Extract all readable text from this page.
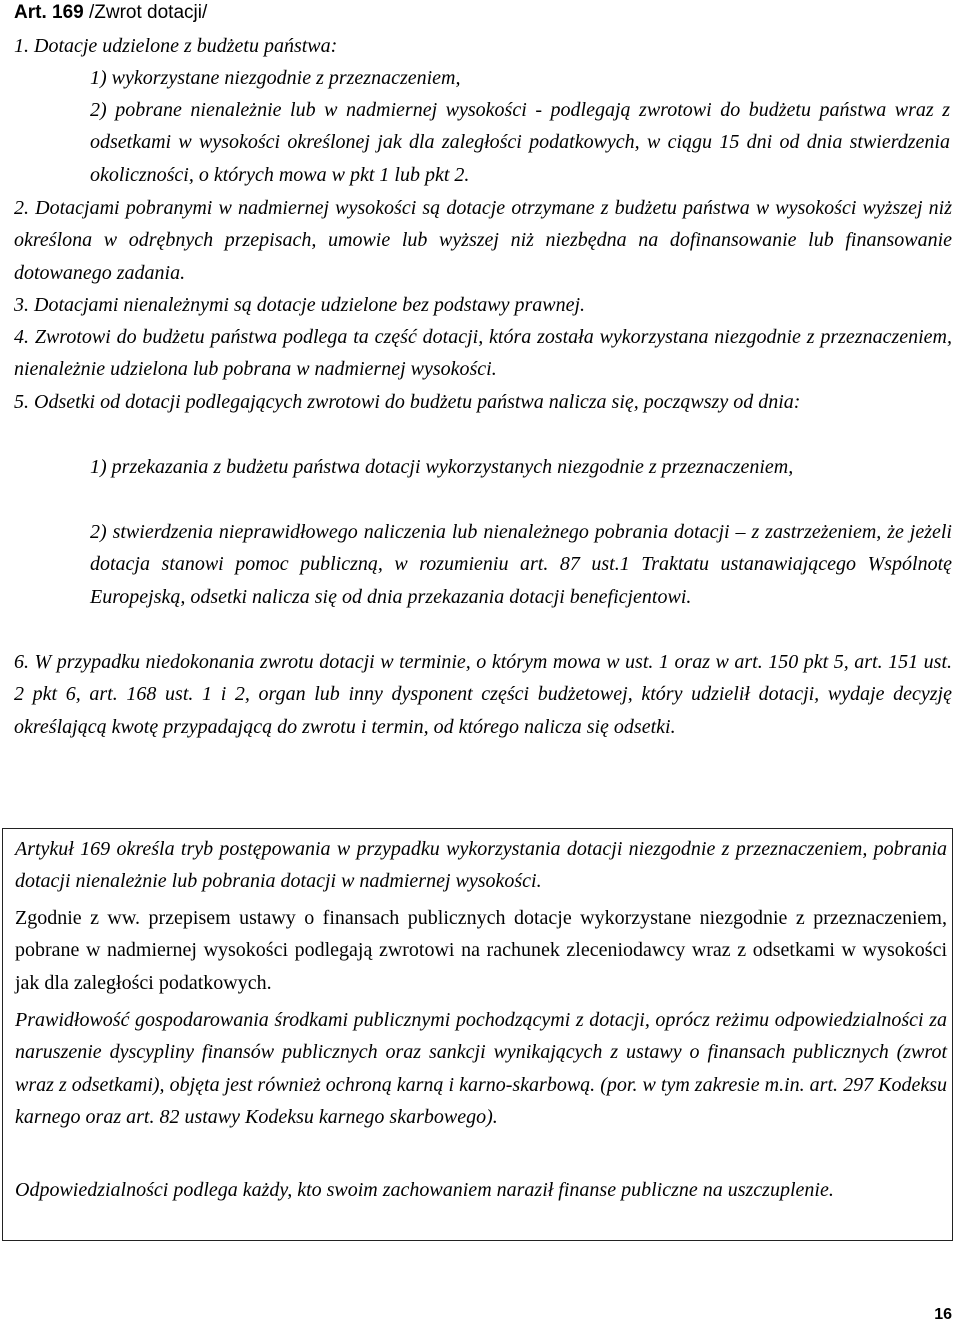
Art. 169 /Zwrot dotacji/
1. Dotacje udzielone z budżetu państwa:
1) wykorzystane niezgodnie z przeznaczeniem,
2) pobrane nienależnie lub w nadmiernej wysokości - podlegają zwrotowi do budżetu państwa wraz z odsetkami w wysokości określonej jak dla zaległości podatkowych, w ciągu 15 dni od dnia stwierdzenia okoliczności, o których mowa w pkt 1 lub pkt 2.
2. Dotacjami pobranymi w nadmiernej wysokości są dotacje otrzymane z budżetu państwa w wysokości wyższej niż określona w odrębnych przepisach, umowie lub wyższej niż niezbędna na dofinansowanie lub finansowanie dotowanego zadania.
3. Dotacjami nienależnymi są dotacje udzielone bez podstawy prawnej.
4. Zwrotowi do budżetu państwa podlega ta część dotacji, która została wykorzystana niezgodnie z przeznaczeniem, nienależnie udzielona lub pobrana w nadmiernej wysokości.
5. Odsetki od dotacji podlegających zwrotowi do budżetu państwa nalicza się, począwszy od dnia:
1) przekazania z budżetu państwa dotacji wykorzystanych niezgodnie z przeznaczeniem,
2) stwierdzenia nieprawidłowego naliczenia lub nienależnego pobrania dotacji – z zastrzeżeniem, że jeżeli dotacja stanowi pomoc publiczną, w rozumieniu art. 87 ust.1 Traktatu ustanawiającego Wspólnotę Europejską, odsetki nalicza się od dnia przekazania dotacji beneficjentowi.
6. W przypadku niedokonania zwrotu dotacji w terminie, o którym mowa w ust. 1 oraz w art. 150 pkt 5, art. 151 ust. 2 pkt 6, art. 168 ust. 1 i 2, organ lub inny dysponent części budżetowej, który udzielił dotacji, wydaje decyzję określającą kwotę przypadającą do zwrotu i termin, od którego nalicza się odsetki.
Artykuł 169 określa tryb postępowania w przypadku wykorzystania dotacji niezgodnie z przeznaczeniem, pobrania dotacji nienależnie lub pobrania dotacji w nadmiernej wysokości.
Zgodnie z ww. przepisem ustawy o finansach publicznych dotacje wykorzystane niezgodnie z przeznaczeniem, pobrane w nadmiernej wysokości podlegają zwrotowi na rachunek zleceniodawcy wraz z odsetkami w wysokości jak dla zaległości podatkowych.
Prawidłowość gospodarowania środkami publicznymi pochodzącymi z dotacji, oprócz reżimu odpowiedzialności za naruszenie dyscypliny finansów publicznych oraz sankcji wynikających z ustawy o finansach publicznych (zwrot wraz z odsetkami), objęta jest również ochroną karną i karno-skarbową. (por. w tym zakresie m.in. art. 297 Kodeksu karnego oraz art. 82 ustawy Kodeksu karnego skarbowego).
Odpowiedzialności podlega każdy, kto swoim zachowaniem naraził finanse publiczne na uszczuplenie.
16
